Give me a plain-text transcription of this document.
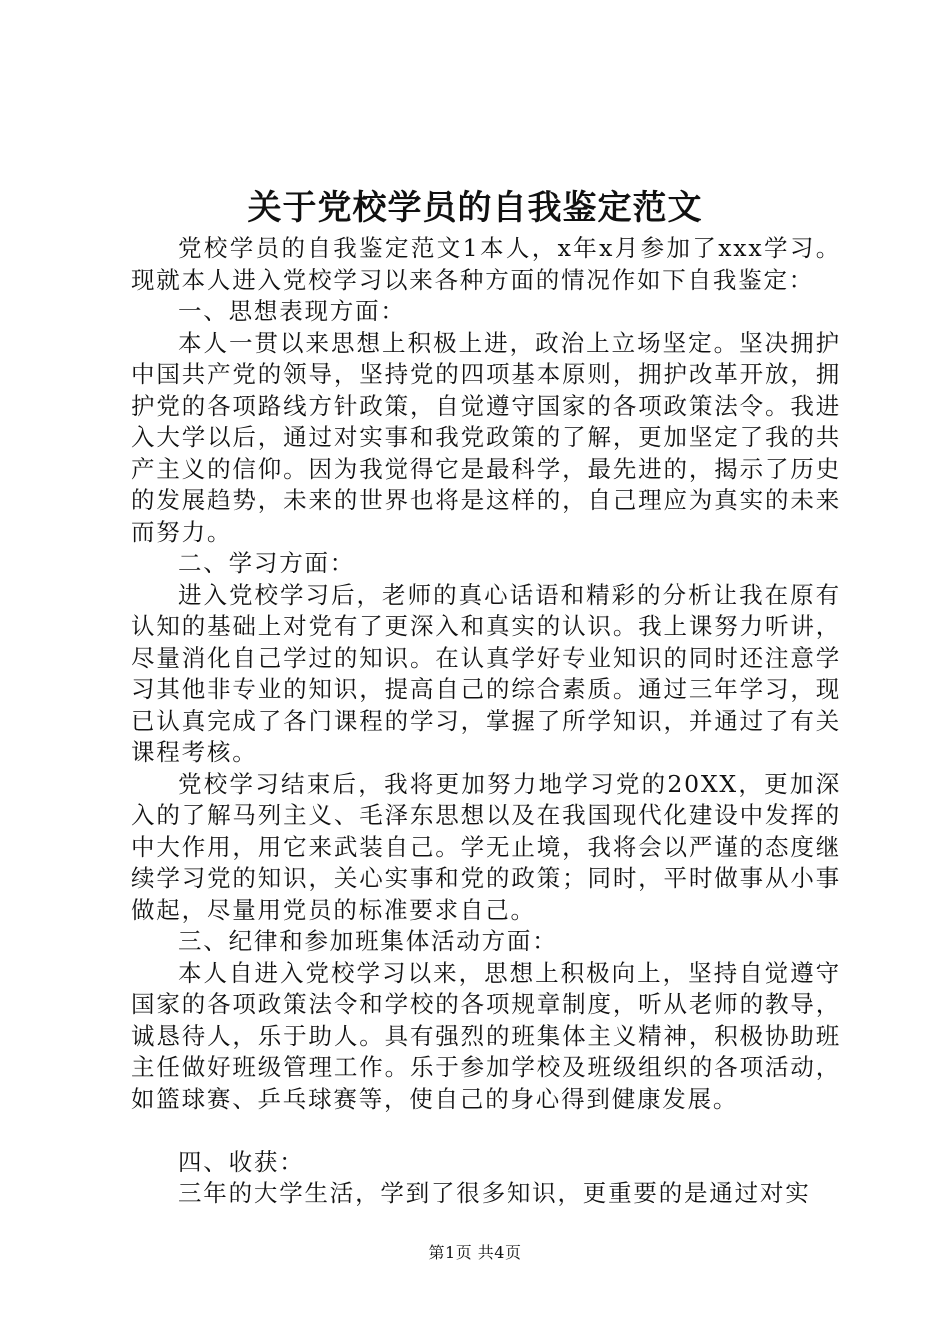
关于党校学员的自我鉴定范文

党校学员的自我鉴定范文1本人，x年x月参加了xxx学习。现就本人进入党校学习以来各种方面的情况作如下自我鉴定：

一、思想表现方面：

本人一贯以来思想上积极上进，政治上立场坚定。坚决拥护中国共产党的领导，坚持党的四项基本原则，拥护改革开放，拥护党的各项路线方针政策，自觉遵守国家的各项政策法令。我进入大学以后，通过对实事和我党政策的了解，更加坚定了我的共产主义的信仰。因为我觉得它是最科学，最先进的，揭示了历史的发展趋势，未来的世界也将是这样的，自己理应为真实的未来而努力。

二、学习方面：

进入党校学习后，老师的真心话语和精彩的分析让我在原有认知的基础上对党有了更深入和真实的认识。我上课努力听讲，尽量消化自己学过的知识。在认真学好专业知识的同时还注意学习其他非专业的知识，提高自己的综合素质。通过三年学习，现已认真完成了各门课程的学习，掌握了所学知识，并通过了有关课程考核。

党校学习结束后，我将更加努力地学习党的20XX，更加深入的了解马列主义、毛泽东思想以及在我国现代化建设中发挥的中大作用，用它来武装自己。学无止境，我将会以严谨的态度继续学习党的知识，关心实事和党的政策；同时，平时做事从小事做起，尽量用党员的标准要求自己。

三、纪律和参加班集体活动方面：

本人自进入党校学习以来，思想上积极向上，坚持自觉遵守国家的各项政策法令和学校的各项规章制度，听从老师的教导，诚恳待人，乐于助人。具有强烈的班集体主义精神，积极协助班主任做好班级管理工作。乐于参加学校及班级组织的各项活动，如篮球赛、乒乓球赛等，使自己的身心得到健康发展。

四、收获：

三年的大学生活，学到了很多知识，更重要的是通过对实

第1页 共4页
